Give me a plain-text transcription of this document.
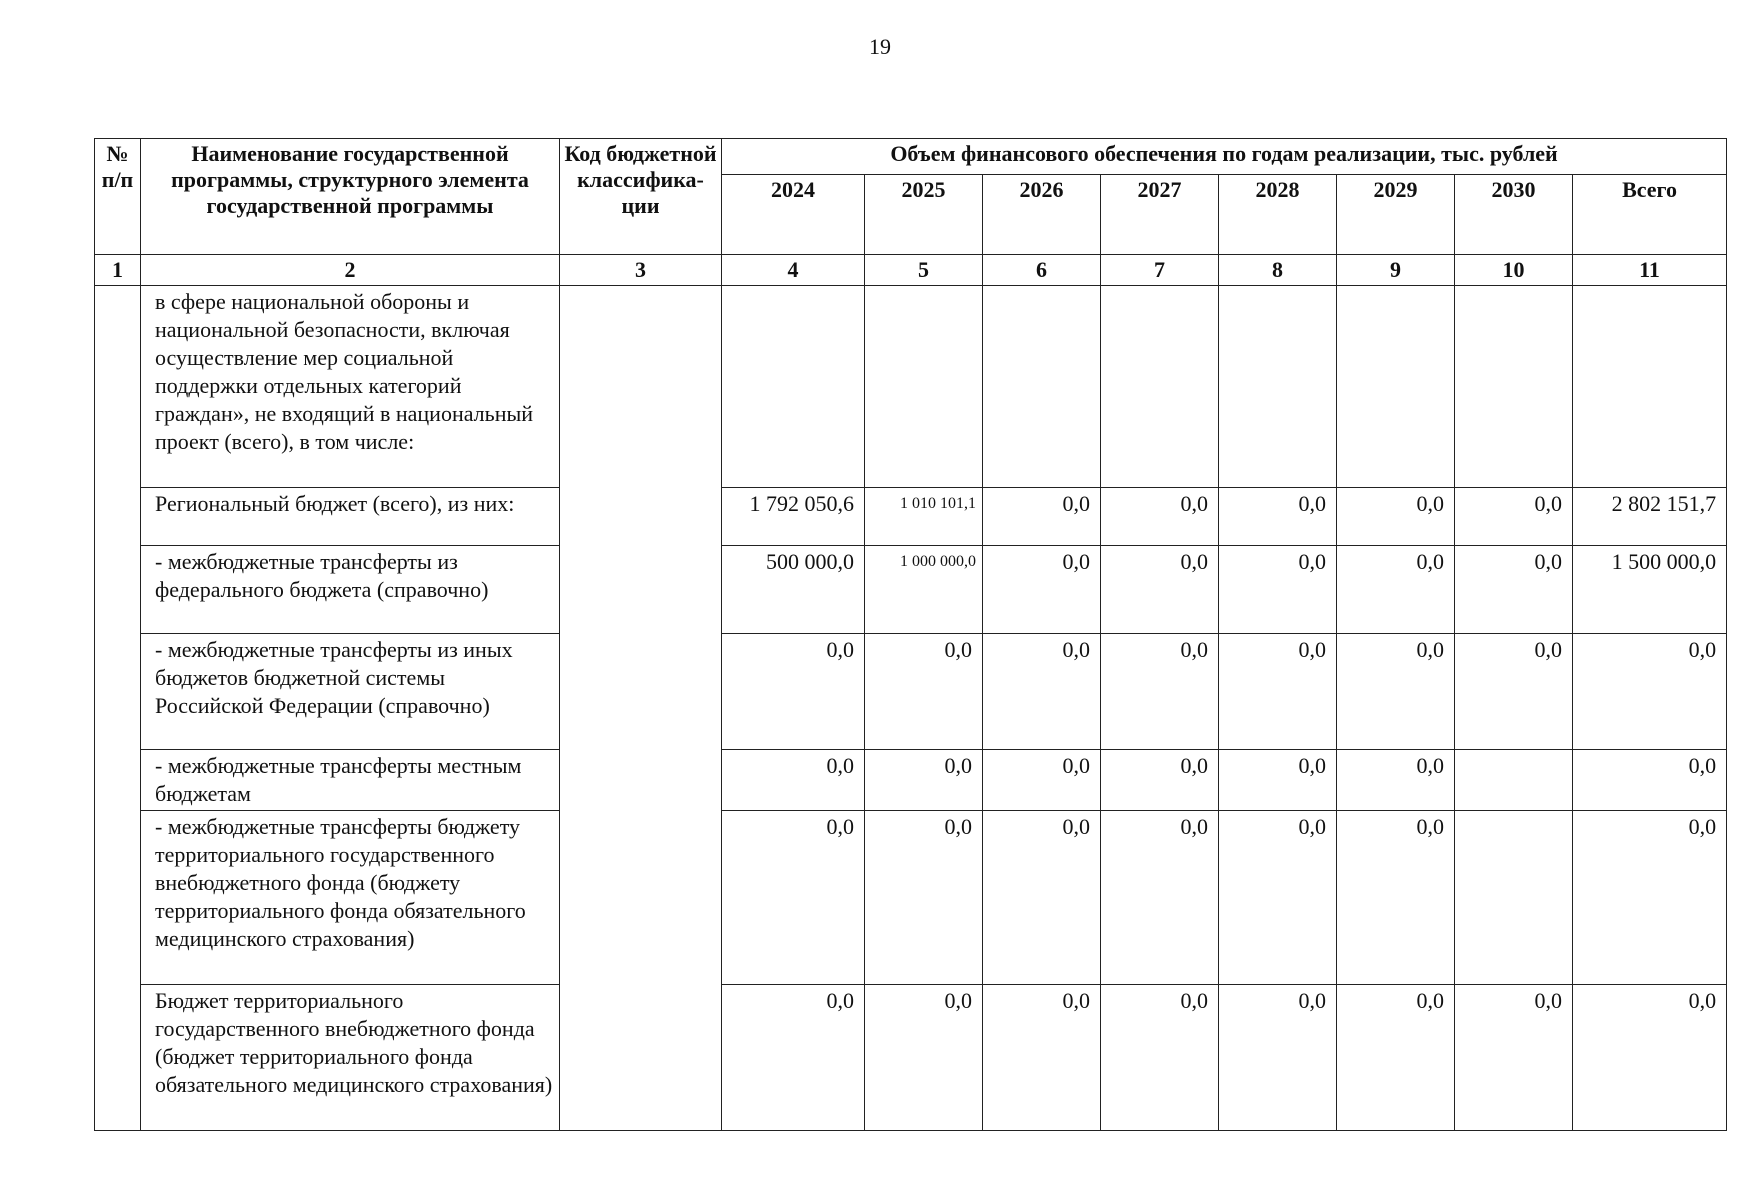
19
№ п/п	Наименование государственной программы, структурного элемента государственной программы	Код бюджетной классифика-ции	Объем финансового обеспечения по годам реализации, тыс. рублей							
			2024	2025	2026	2027	2028	2029	2030	Всего
1	2	3	4	5	6	7	8	9	10	11
	в сфере национальной обороны и национальной безопасности, включая осуществление мер социальной поддержки отдельных категорий граждан», не входящий в национальный проект (всего), в том числе:									
	Региональный бюджет (всего), из них:		1 792 050,6	1 010 101,1	0,0	0,0	0,0	0,0	0,0	2 802 151,7
	- межбюджетные трансферты из федерального бюджета (справочно)		500 000,0	1 000 000,0	0,0	0,0	0,0	0,0	0,0	1 500 000,0
	- межбюджетные трансферты из иных бюджетов бюджетной системы Российской Федерации (справочно)		0,0	0,0	0,0	0,0	0,0	0,0	0,0	0,0
	- межбюджетные трансферты местным бюджетам		0,0	0,0	0,0	0,0	0,0	0,0		0,0
	- межбюджетные трансферты бюджету территориального государственного внебюджетного фонда (бюджету территориального фонда обязательного медицинского страхования)		0,0	0,0	0,0	0,0	0,0	0,0		0,0
	Бюджет территориального государственного внебюджетного фонда (бюджет территориального фонда обязательного медицинского страхования)		0,0	0,0	0,0	0,0	0,0	0,0	0,0	0,0
